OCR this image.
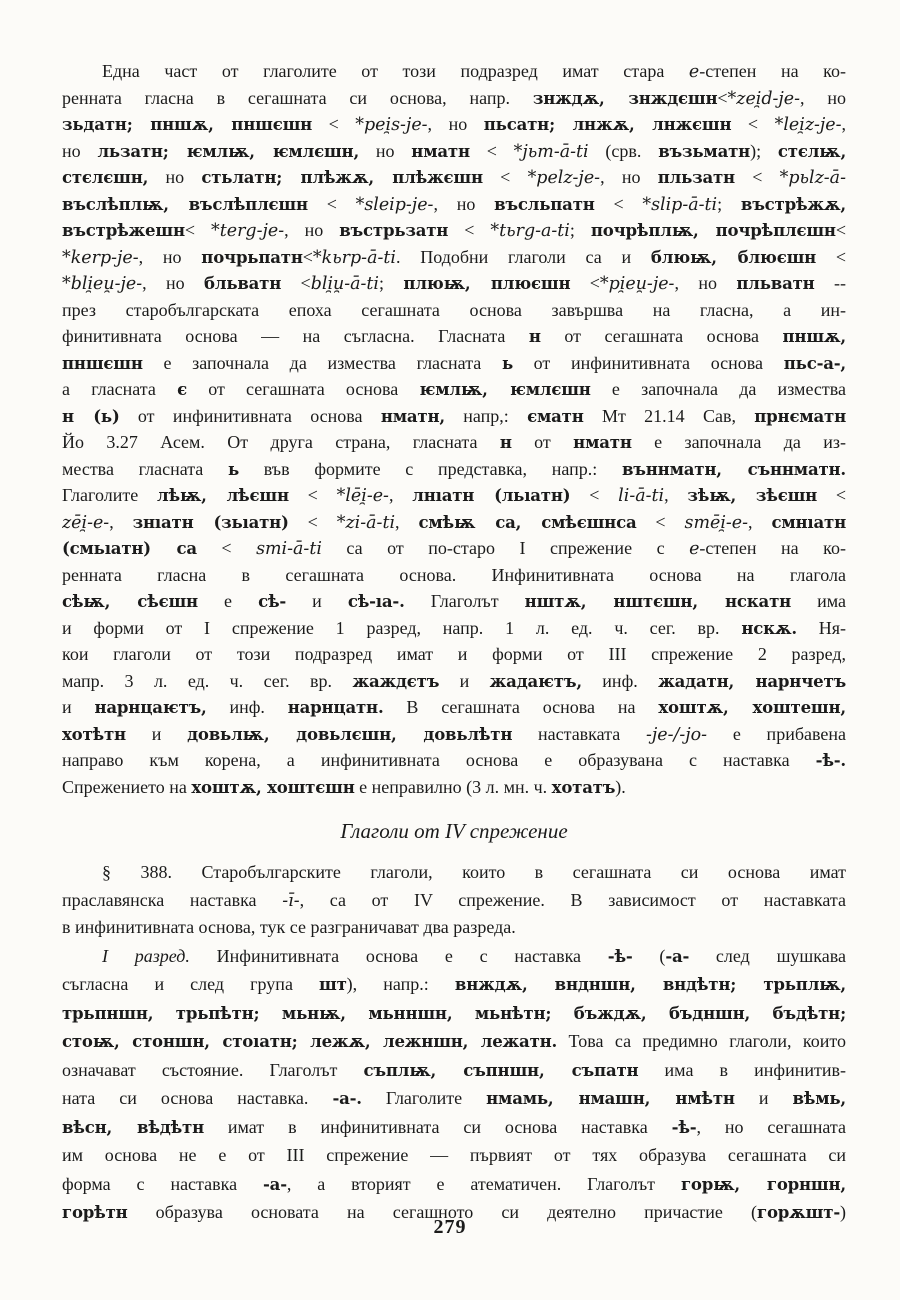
Една част от глаголите от този подразред имат стара e-степен на ко-
ренната гласна в сегашната си основа, напр. знждѫ, знждєшн<*zei̯d-je-, но
зьдатн; пншѫ, пншєшн < *pei̯s-je-, но пьсатн; лнжѫ, лнжєшн < *lei̯z-je-,
но льзатн; ѥмлѭ, ѥмлєшн, но нматн < *jьm-ā-ti (срв. възьматн); стєлѭ,
стєлєшн, но стьлатн; плѣжѫ, плѣжєшн < *pelz-je-, но пльзатн < *pьlz-ā-
въслѣплѭ, въслѣплєшн < *sleip-je-, но въсльпатн < *slip-ā-ti; въстрѣжѫ,
въстрѣжешн< *terg-je-, но въстрьзатн < *tьrg-a-ti; почрѣплѭ, почрѣплєшн<
*kerp-je-, но почрьпатн<*kьrp-ā-ti. Подобни глаголи са и блюѭ, блюєшн <
*bli̯eu̯-je-, но бльватн <bli̯u̯-ā-ti; плюѭ, плюєшн <*pi̯eu̯-je-, но пльватн --
през старобългарската епоха сегашната основа завършва на гласна, а ин-
финитивната основа — на съгласна. Гласната н от сегашната основа пншѫ,
пншєшн е започнала да измества гласната ь от инфинитивната основа пьс-а-,
а гласната є от сегашната основа ѥмлѭ, ѥмлєшн е започнала да измества
н (ь) от инфинитивната основа нматн, напр,: єматн Мт 21.14 Сав, прнєматн
Йо 3.27 Асем. От друга страна, гласната н от нматн е започнала да из-
мества гласната ь във формите с представка, напр.: въннматн, съннматн.
Глаголите лѣѭ, лѣєшн < *lēi̯-e-, лнıатн (льıатн) < li-ā-ti, зѣѭ, зѣєшн <
zēi̯-e-, знıатн (зьıатн) < *zi-ā-ti, смѣѭ са, смѣєшнса < smēi̯-e-, смнıатн
(смьıатн) са < smi-ā-ti са от по-старо I спрежение с e-степен на ко-
ренната гласна в сегашната основа. Инфинитивната основа на глагола
сѣѭ, сѣєшн е сѣ- и сѣ-ıа-. Глаголът нштѫ, нштєшн, нскатн има
и форми от I спрежение 1 разред, напр. 1 л. ед. ч. сег. вр. нскѫ. Ня-
кои глаголи от този подразред имат и форми от III спрежение 2 разред,
мапр. 3 л. ед. ч. сег. вр. жаждєтъ и жадаѥтъ, инф. жадатн, нарнчетъ
и нарнцаѥтъ, инф. нарнцатн. В сегашната основа на хоштѫ, хоштешн,
хотѣтн и довьлѭ, довьлєшн, довьлѣтн наставката -je-/-jo- е прибавена
направо към корена, а инфинитивната основа е образувана с наставка -ѣ-.
Спрежението на хоштѫ, хоштєшн е неправилно (3 л. мн. ч. хотатъ).
Глаголи от IV спрежение
§ 388. Старобългарските глаголи, които в сегашната си основа имат
праславянска наставка -ī-, са от IV спрежение. В зависимост от наставката
в инфинитивната основа, тук се разграничават два разреда.
I разред. Инфинитивната основа е с наставка -ѣ- (-а- след шушкава
съгласна и след група шт), напр.: внждѫ, вндншн, вндѣтн; трьплѭ,
трьпншн, трьпѣтн; мьнѭ, мьнншн, мьнѣтн; бъждѫ, бъдншн, бъдѣтн;
стоѭ, стоншн, стоıатн; лежѫ, лежншн, лежатн. Това са предимно глаголи, които
означават състояние. Глаголът съплѭ, съпншн, съпатн има в инфинитив-
ната си основа наставка. -а-. Глаголите нмамь, нмашн, нмѣтн и вѣмь,
вѣсн, вѣдѣтн имат в инфинитивната си основа наставка -ѣ-, но сегашната
им основа не е от III спрежение — първият от тях образува сегашната си
форма с наставка -а-, а вторият е атематичен. Глаголът горѭ, горншн,
горѣтн образува основата на сегашното си деятелно причастие (горѫшт-)
279
